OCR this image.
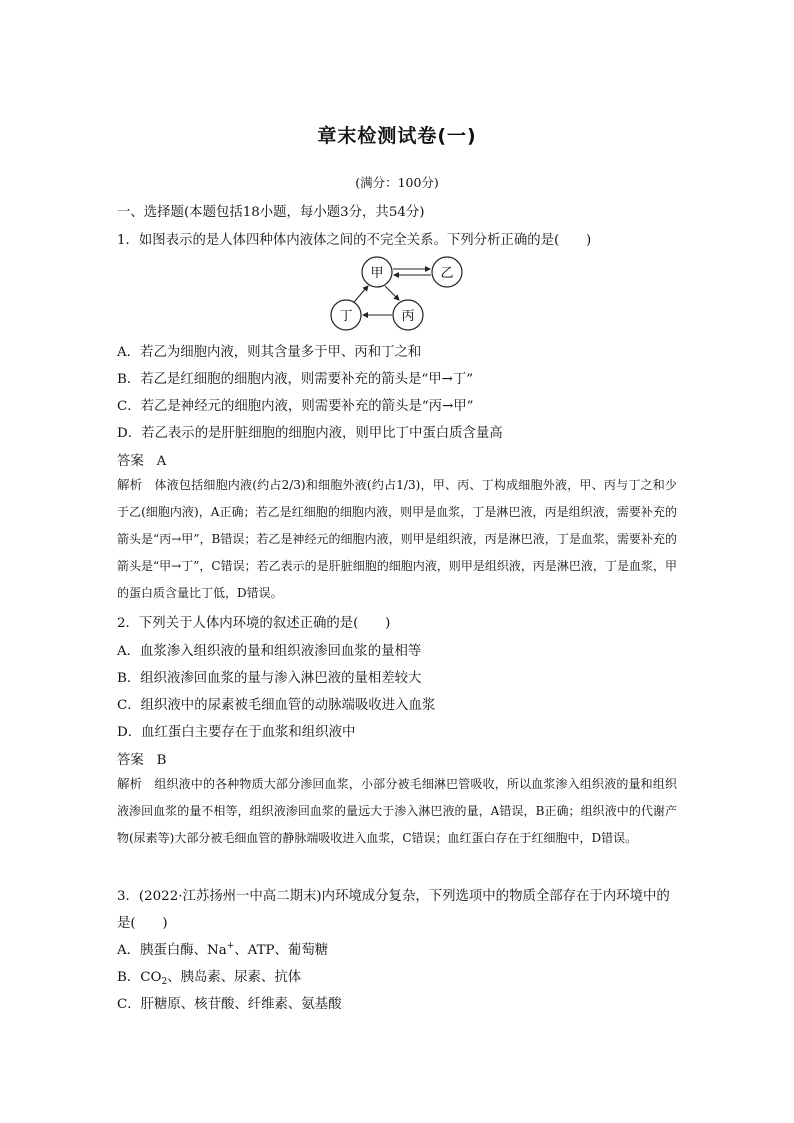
章末检测试卷(一)
(满分：100分)
一、选择题(本题包括18小题，每小题3分，共54分)
1．如图表示的是人体四种体内液体之间的不完全关系。下列分析正确的是(　　)
甲	乙
丁	丙
A．若乙为细胞内液，则其含量多于甲、丙和丁之和
B．若乙是红细胞的细胞内液，则需要补充的箭头是“甲→丁”
C．若乙是神经元的细胞内液，则需要补充的箭头是“丙→甲”
D．若乙表示的是肝脏细胞的细胞内液，则甲比丁中蛋白质含量高
答案 A
解析 体液包括细胞内液(约占2/3)和细胞外液(约占1/3)，甲、丙、丁构成细胞外液，甲、丙与丁之和少于乙(细胞内液)，A正确；若乙是红细胞的细胞内液，则甲是血浆，丁是淋巴液，丙是组织液，需要补充的箭头是“丙→甲”，B错误；若乙是神经元的细胞内液，则甲是组织液，丙是淋巴液，丁是血浆，需要补充的箭头是“甲→丁”，C错误；若乙表示的是肝脏细胞的细胞内液，则甲是组织液，丙是淋巴液，丁是血浆，甲的蛋白质含量比丁低，D错误。
2．下列关于人体内环境的叙述正确的是(　　)
A．血浆渗入组织液的量和组织液渗回血浆的量相等
B．组织液渗回血浆的量与渗入淋巴液的量相差较大
C．组织液中的尿素被毛细血管的动脉端吸收进入血浆
D．血红蛋白主要存在于血浆和组织液中
答案 B
解析 组织液中的各种物质大部分渗回血浆，小部分被毛细淋巴管吸收，所以血浆渗入组织液的量和组织液渗回血浆的量不相等，组织液渗回血浆的量远大于渗入淋巴液的量，A错误，B正确；组织液中的代谢产物(尿素等)大部分被毛细血管的静脉端吸收进入血浆，C错误；血红蛋白存在于红细胞中，D错误。
3．(2022·江苏扬州一中高二期末)内环境成分复杂，下列选项中的物质全部存在于内环境中的
是(　　)
A．胰蛋白酶、Na+、ATP、葡萄糖
B．$CO_2$、胰岛素、尿素、抗体
C．肝糖原、核苷酸、纤维素、氨基酸
